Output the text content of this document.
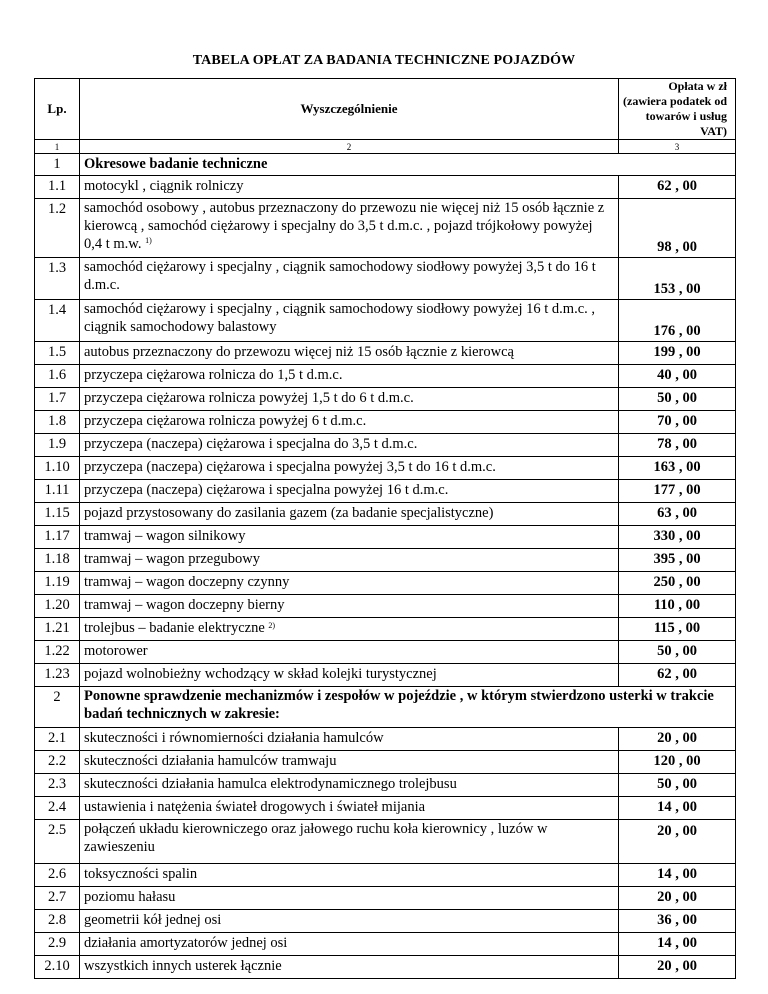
TABELA OPŁAT ZA BADANIA TECHNICZNE POJAZDÓW
Lp.	Wyszczególnienie	Opłata w zł (zawiera podatek od towarów i usług VAT)
1	2	3
1	Okresowe badanie techniczne	
1.1	motocykl , ciągnik rolniczy	62 , 00
1.2	samochód osobowy , autobus przeznaczony do przewozu nie więcej niż 15 osób łącznie z kierowcą , samochód ciężarowy i specjalny do 3,5 t d.m.c. , pojazd trójkołowy powyżej 0,4 t m.w. $^{1)}$	98 , 00
1.3	samochód ciężarowy i specjalny , ciągnik samochodowy siodłowy powyżej 3,5 t do 16 t d.m.c.	153 , 00
1.4	samochód ciężarowy i specjalny , ciągnik samochodowy siodłowy powyżej 16 t d.m.c. , ciągnik samochodowy balastowy	176 , 00
1.5	autobus przeznaczony do przewozu więcej niż 15 osób łącznie z kierowcą	199 , 00
1.6	przyczepa ciężarowa rolnicza do 1,5 t d.m.c.	40 , 00
1.7	przyczepa ciężarowa rolnicza powyżej 1,5 t do 6 t d.m.c.	50 , 00
1.8	przyczepa ciężarowa rolnicza powyżej 6 t d.m.c.	70 , 00
1.9	przyczepa (naczepa) ciężarowa i specjalna do 3,5 t d.m.c.	78 , 00
1.10	przyczepa (naczepa) ciężarowa i specjalna powyżej 3,5 t do 16 t d.m.c.	163 , 00
1.11	przyczepa (naczepa) ciężarowa i specjalna powyżej 16 t d.m.c.	177 , 00
1.15	pojazd przystosowany do zasilania gazem (za badanie specjalistyczne)	63 , 00
1.17	tramwaj – wagon silnikowy	330 , 00
1.18	tramwaj – wagon przegubowy	395 , 00
1.19	tramwaj – wagon doczepny czynny	250 , 00
1.20	tramwaj – wagon doczepny bierny	110 , 00
1.21	trolejbus – badanie elektryczne $^{2)}$	115 , 00
1.22	motorower	50 , 00
1.23	pojazd wolnobieżny wchodzący w skład kolejki turystycznej	62 , 00
2	Ponowne sprawdzenie mechanizmów i zespołów w pojeździe , w którym stwierdzono usterki w trakcie badań technicznych w zakresie:	
2.1	skuteczności i równomierności działania hamulców	20 , 00
2.2	skuteczności działania hamulców tramwaju	120 , 00
2.3	skuteczności działania hamulca elektrodynamicznego trolejbusu	50 , 00
2.4	ustawienia i natężenia świateł drogowych i świateł mijania	14 , 00
2.5	połączeń układu kierowniczego oraz jałowego ruchu koła kierownicy , luzów w zawieszeniu	20 , 00
2.6	toksyczności spalin	14 , 00
2.7	poziomu hałasu	20 , 00
2.8	geometrii kół jednej osi	36 , 00
2.9	działania amortyzatorów jednej osi	14 , 00
2.10	wszystkich innych usterek łącznie	20 , 00
